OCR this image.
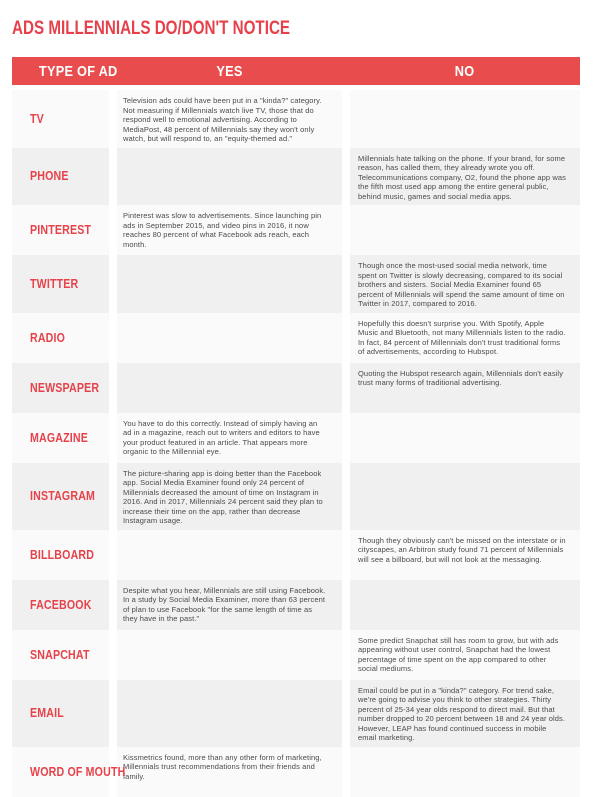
ADS MILLENNIALS DO/DON'T NOTICE
TYPE OF AD	YES	NO
TV
Television ads could have been put in a "kinda?" category. Not measuring if Millennials watch live TV, those that do respond well to emotional advertising. According to MediaPost, 48 percent of Millennials say they won't only watch, but will respond to, an "equity-themed ad."
PHONE
Millennials hate talking on the phone. If your brand, for some reason, has called them, they already wrote you off. Telecommunications company, O2, found the phone app was the fifth most used app among the entire general public, behind music, games and social media apps.
PINTEREST
Pinterest was slow to advertisements. Since launching pin ads in September 2015, and video pins in 2016, it now reaches 80 percent of what Facebook ads reach, each month.
TWITTER
Though once the most-used social media network, time spent on Twitter is slowly decreasing, compared to its social brothers and sisters. Social Media Examiner found 65 percent of Millennials will spend the same amount of time on Twitter in 2017, compared to 2016.
RADIO
Hopefully this doesn't surprise you. With Spotify, Apple Music and Bluetooth, not many Millennials listen to the radio. In fact, 84 percent of Millennials don't trust traditional forms of advertisements, according to Hubspot.
NEWSPAPER
Quoting the Hubspot research again, Millennials don't easily trust many forms of traditional advertising.
MAGAZINE
You have to do this correctly. Instead of simply having an ad in a magazine, reach out to writers and editors to have your product featured in an article. That appears more organic to the Millennial eye.
INSTAGRAM
The picture-sharing app is doing better than the Facebook app. Social Media Examiner found only 24 percent of Millennials decreased the amount of time on Instagram in 2016. And in 2017, Millennials 24 percent said they plan to increase their time on the app, rather than decrease Instagram usage.
BILLBOARD
Though they obviously can't be missed on the interstate or in cityscapes, an Arbitron study found 71 percent of Millennials will see a billboard, but will not look at the messaging.
FACEBOOK
Despite what you hear, Millennials are still using Facebook. In a study by Social Media Examiner, more than 63 percent of plan to use Facebook "for the same length of time as they have in the past."
SNAPCHAT
Some predict Snapchat still has room to grow, but with ads appearing without user control, Snapchat had the lowest percentage of time spent on the app compared to other social mediums.
EMAIL
Email could be put in a "kinda?" category. For trend sake, we're going to advise you think to other strategies. Thirty percent of 25-34 year olds respond to direct mail. But that number dropped to 20 percent between 18 and 24 year olds. However, LEAP has found continued success in mobile email marketing.
WORD OF MOUTH
Kissmetrics found, more than any other form of marketing, Millennials trust recommendations from their friends and family.
